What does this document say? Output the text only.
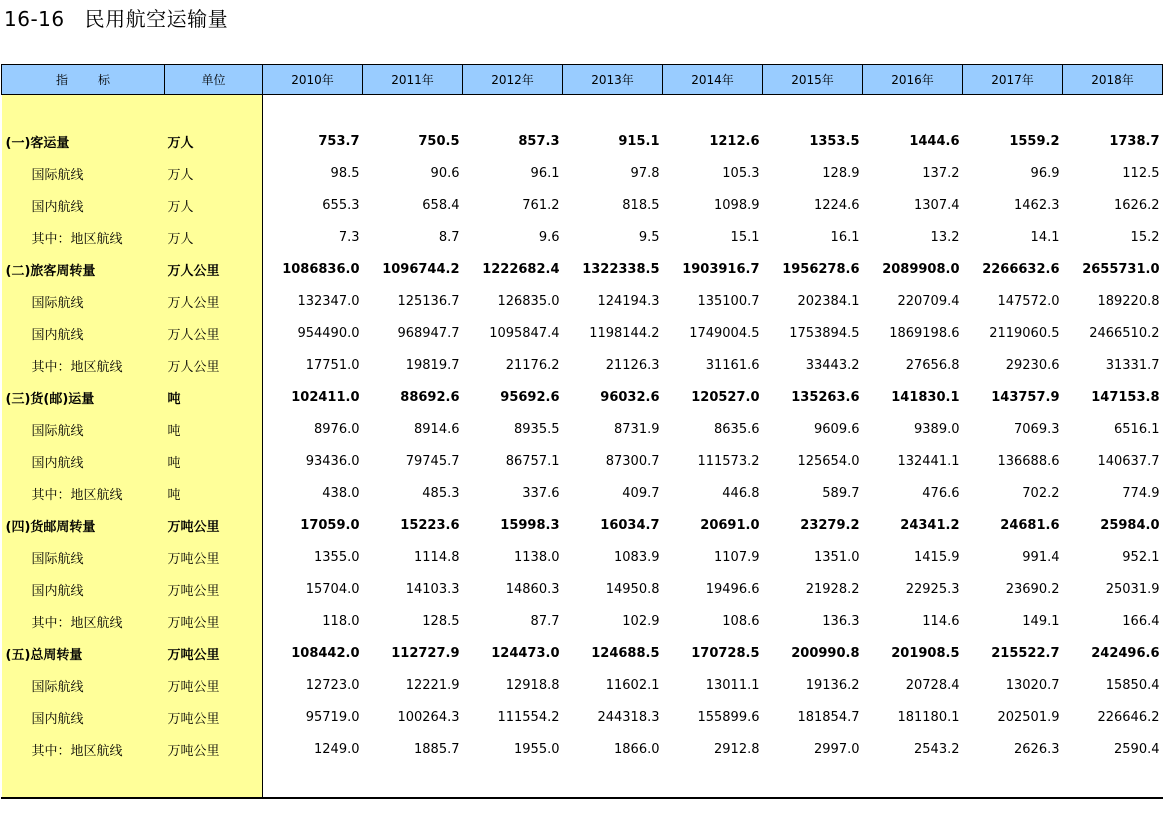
16-16 民用航空运输量
指标	单位	2010年	2011年	2012年	2013年	2014年	2015年	2016年	2017年	2018年

(一)客运量	万人	753.7	750.5	857.3	915.1	1212.6	1353.5	1444.6	1559.2	1738.7
国际航线	万人	98.5	90.6	96.1	97.8	105.3	128.9	137.2	96.9	112.5
国内航线	万人	655.3	658.4	761.2	818.5	1098.9	1224.6	1307.4	1462.3	1626.2
其中：地区航线	万人	7.3	8.7	9.6	9.5	15.1	16.1	13.2	14.1	15.2
(二)旅客周转量	万人公里	1086836.0	1096744.2	1222682.4	1322338.5	1903916.7	1956278.6	2089908.0	2266632.6	2655731.0
国际航线	万人公里	132347.0	125136.7	126835.0	124194.3	135100.7	202384.1	220709.4	147572.0	189220.8
国内航线	万人公里	954490.0	968947.7	1095847.4	1198144.2	1749004.5	1753894.5	1869198.6	2119060.5	2466510.2
其中：地区航线	万人公里	17751.0	19819.7	21176.2	21126.3	31161.6	33443.2	27656.8	29230.6	31331.7
(三)货(邮)运量	吨	102411.0	88692.6	95692.6	96032.6	120527.0	135263.6	141830.1	143757.9	147153.8
国际航线	吨	8976.0	8914.6	8935.5	8731.9	8635.6	9609.6	9389.0	7069.3	6516.1
国内航线	吨	93436.0	79745.7	86757.1	87300.7	111573.2	125654.0	132441.1	136688.6	140637.7
其中：地区航线	吨	438.0	485.3	337.6	409.7	446.8	589.7	476.6	702.2	774.9
(四)货邮周转量	万吨公里	17059.0	15223.6	15998.3	16034.7	20691.0	23279.2	24341.2	24681.6	25984.0
国际航线	万吨公里	1355.0	1114.8	1138.0	1083.9	1107.9	1351.0	1415.9	991.4	952.1
国内航线	万吨公里	15704.0	14103.3	14860.3	14950.8	19496.6	21928.2	22925.3	23690.2	25031.9
其中：地区航线	万吨公里	118.0	128.5	87.7	102.9	108.6	136.3	114.6	149.1	166.4
(五)总周转量	万吨公里	108442.0	112727.9	124473.0	124688.5	170728.5	200990.8	201908.5	215522.7	242496.6
国际航线	万吨公里	12723.0	12221.9	12918.8	11602.1	13011.1	19136.2	20728.4	13020.7	15850.4
国内航线	万吨公里	95719.0	100264.3	111554.2	244318.3	155899.6	181854.7	181180.1	202501.9	226646.2
其中：地区航线	万吨公里	1249.0	1885.7	1955.0	1866.0	2912.8	2997.0	2543.2	2626.3	2590.4
